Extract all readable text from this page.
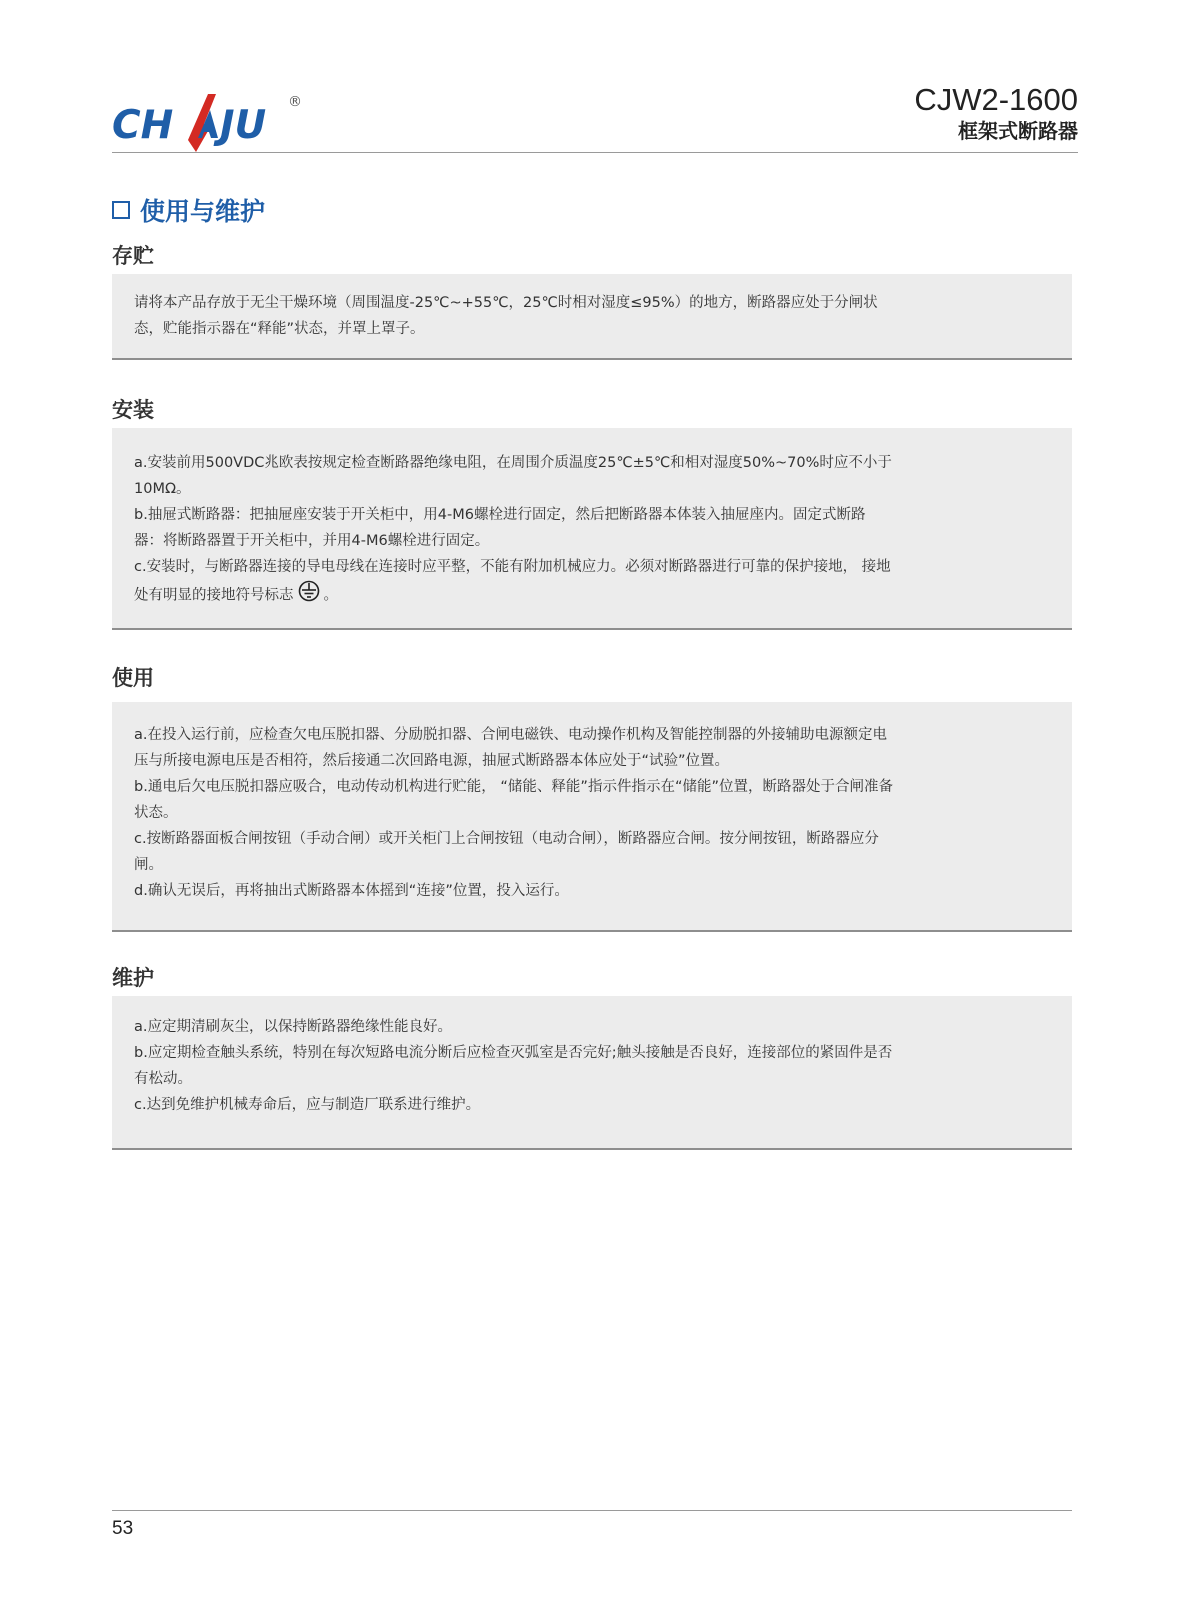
CH JU
®	CJW2-1600
框架式断路器
使用与维护
存贮

请将本产品存放于无尘干燥环境（周围温度-25℃~+55℃，25℃时相对湿度≤95%）的地方，断路器应处于分闸状态，贮能指示器在“释能”状态，并罩上罩子。

安装

a.安装前用500VDC兆欧表按规定检查断路器绝缘电阻，在周围介质温度25℃±5℃和相对湿度50%~70%时应不小于 10MΩ。

b.抽屉式断路器：把抽屉座安装于开关柜中，用4-M6螺栓进行固定，然后把断路器本体装入抽屉座内。固定式断路器：将断路器置于开关柜中，并用4-M6螺栓进行固定。

c.安装时，与断路器连接的导电母线在连接时应平整，不能有附加机械应力。必须对断路器进行可靠的保护接地， 接地处有明显的接地符号标志 。

使用

a.在投入运行前，应检查欠电压脱扣器、分励脱扣器、合闸电磁铁、电动操作机构及智能控制器的外接辅助电源额定电压与所接电源电压是否相符，然后接通二次回路电源，抽屉式断路器本体应处于“试验”位置。

b.通电后欠电压脱扣器应吸合，电动传动机构进行贮能， “储能、释能”指示件指示在“储能”位置，断路器处于合闸准备状态。

c.按断路器面板合闸按钮（手动合闸）或开关柜门上合闸按钮（电动合闸），断路器应合闸。按分闸按钮，断路器应分闸。

d.确认无误后，再将抽出式断路器本体摇到“连接”位置，投入运行。

维护

a.应定期清刷灰尘，以保持断路器绝缘性能良好。

b.应定期检查触头系统，特别在每次短路电流分断后应检查灭弧室是否完好;触头接触是否良好，连接部位的紧固件是否有松动。

c.达到免维护机械寿命后，应与制造厂联系进行维护。

53
